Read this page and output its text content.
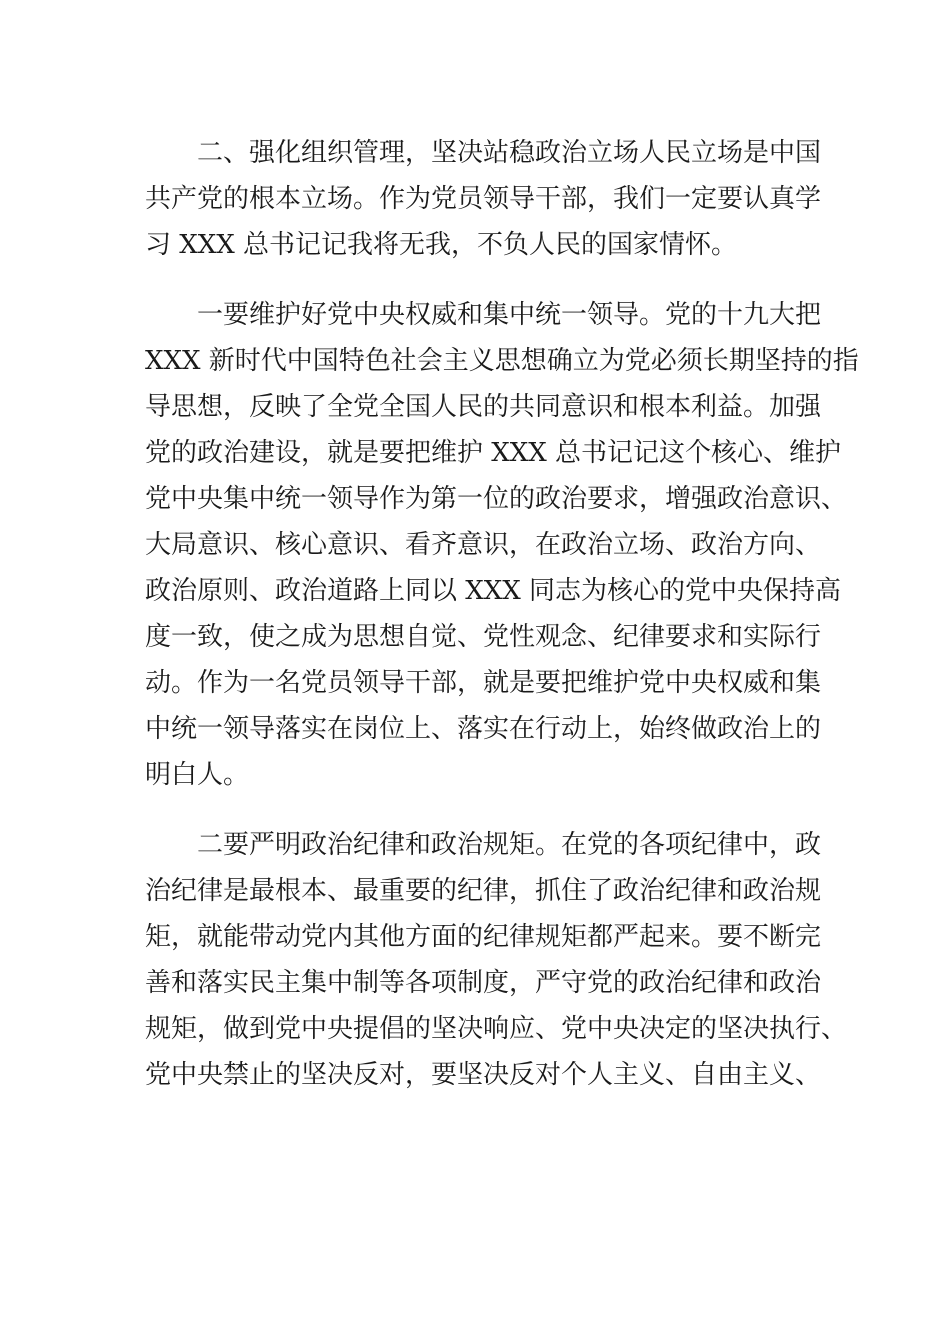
二、强化组织管理，坚决站稳政治立场人民立场是中国
共产党的根本立场。作为党员领导干部，我们一定要认真学
习 XXX 总书记记我将无我，不负人民的国家情怀。
一要维护好党中央权威和集中统一领导。党的十九大把
XXX 新时代中国特色社会主义思想确立为党必须长期坚持的指
导思想，反映了全党全国人民的共同意识和根本利益。加强
党的政治建设，就是要把维护 XXX 总书记记这个核心、维护
党中央集中统一领导作为第一位的政治要求，增强政治意识、
大局意识、核心意识、看齐意识，在政治立场、政治方向、
政治原则、政治道路上同以 XXX 同志为核心的党中央保持高
度一致，使之成为思想自觉、党性观念、纪律要求和实际行
动。作为一名党员领导干部，就是要把维护党中央权威和集
中统一领导落实在岗位上、落实在行动上，始终做政治上的
明白人。
二要严明政治纪律和政治规矩。在党的各项纪律中，政
治纪律是最根本、最重要的纪律，抓住了政治纪律和政治规
矩，就能带动党内其他方面的纪律规矩都严起来。要不断完
善和落实民主集中制等各项制度，严守党的政治纪律和政治
规矩，做到党中央提倡的坚决响应、党中央决定的坚决执行、
党中央禁止的坚决反对，要坚决反对个人主义、自由主义、
